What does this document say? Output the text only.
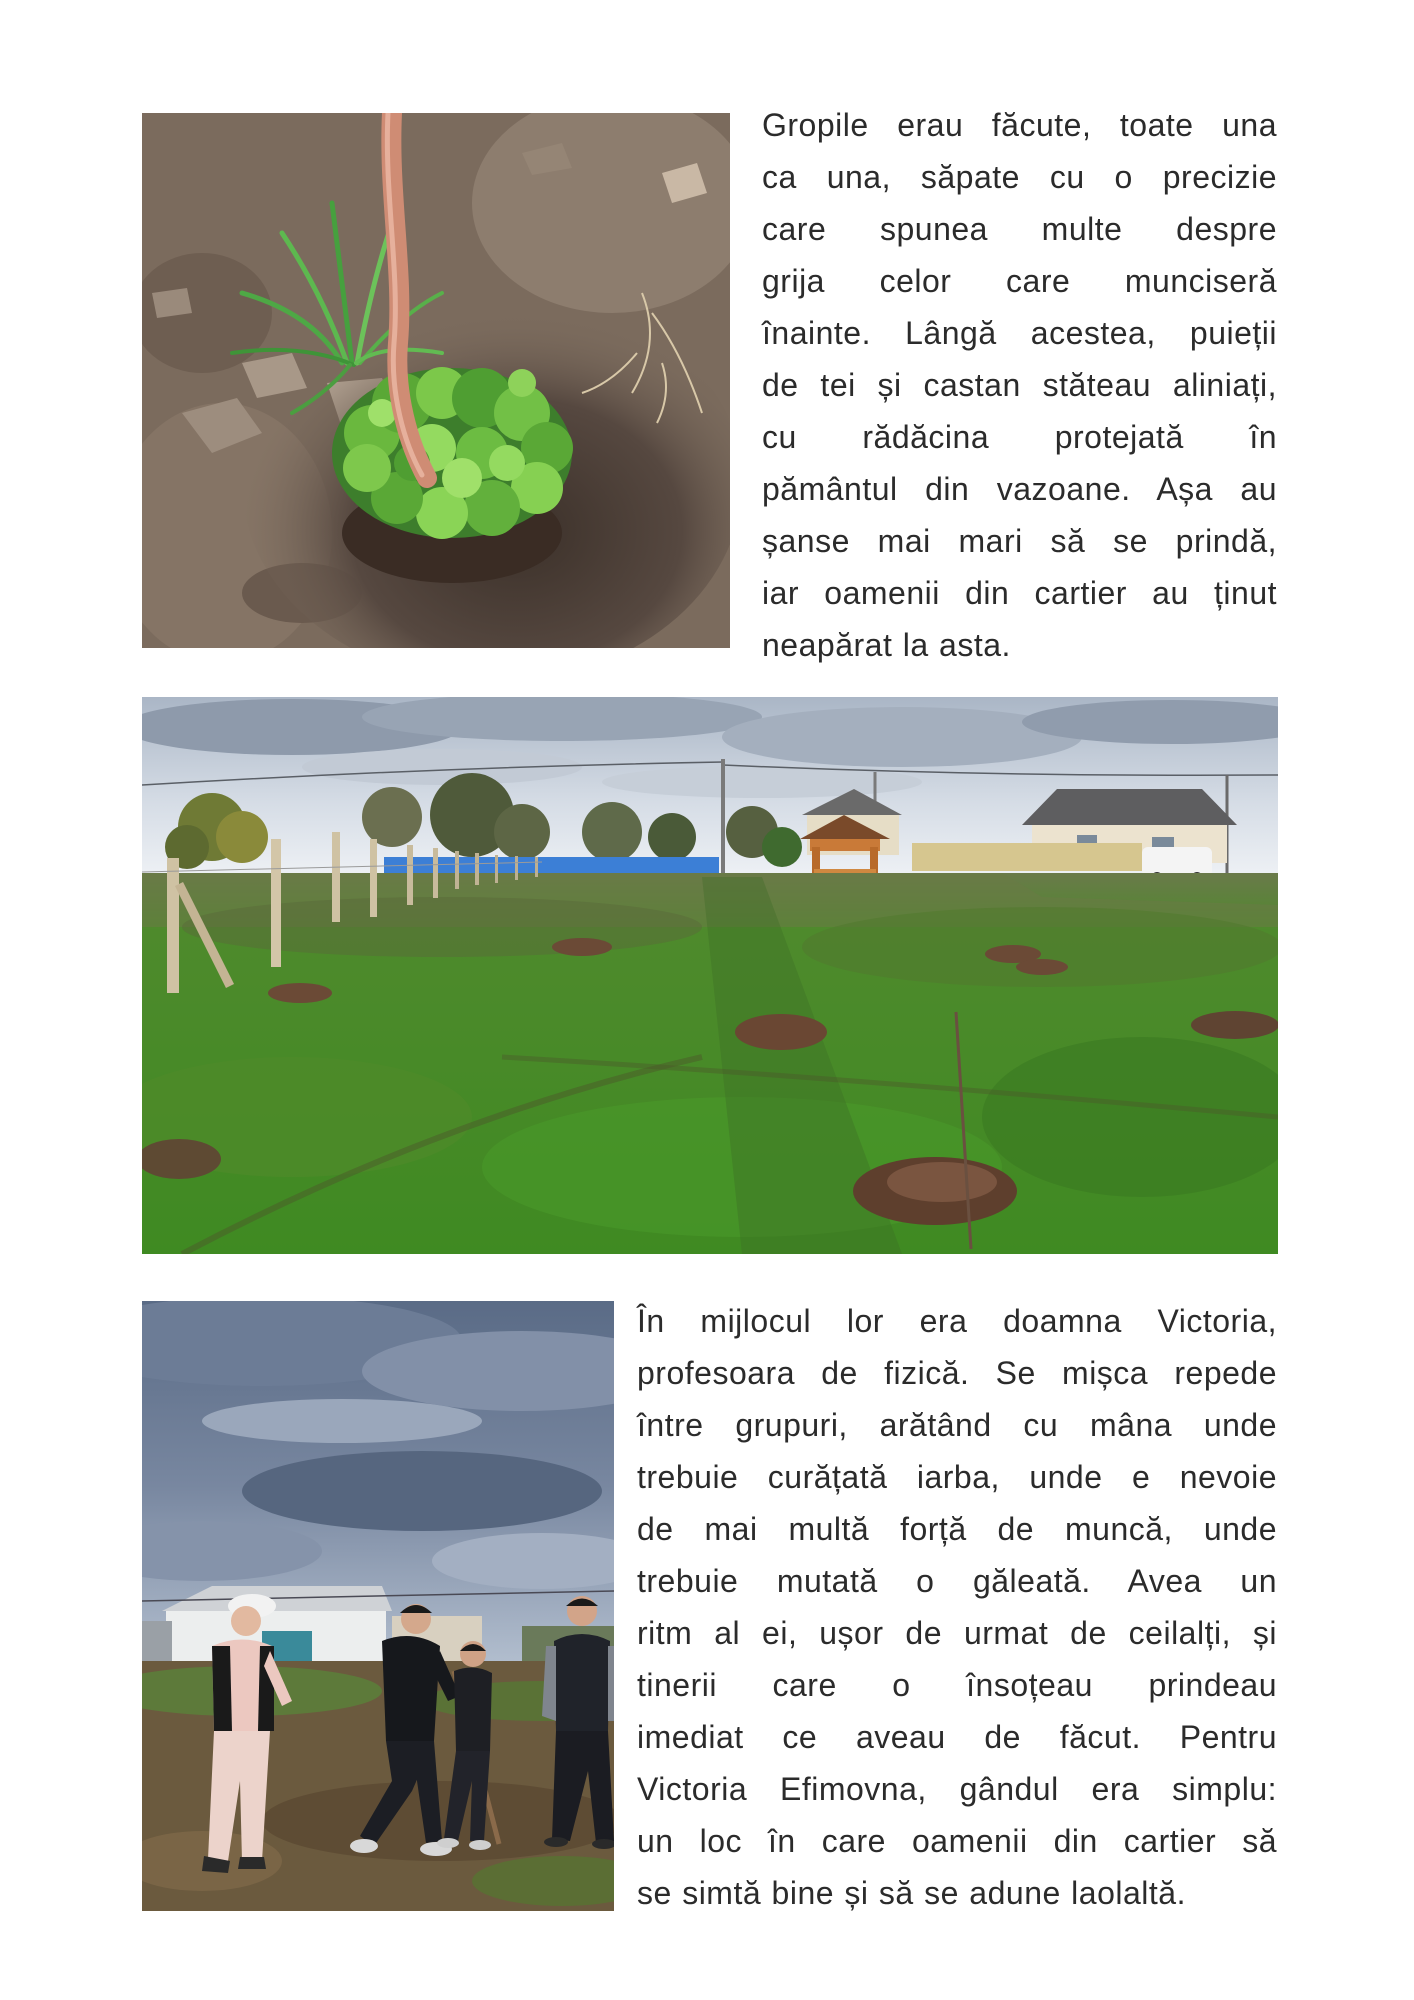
Gropile erau făcute, toate una
ca una, săpate cu o precizie
care spunea multe despre
grija celor care munciseră
înainte. Lângă acestea, puieții
de tei și castan stăteau aliniați,
cu rădăcina protejată în
pământul din vazoane. Așa au
șanse mai mari să se prindă,
iar oamenii din cartier au ținut
neapărat la asta.
În mijlocul lor era doamna Victoria,
profesoara de fizică. Se mișca repede
între grupuri, arătând cu mâna unde
trebuie curățată iarba, unde e nevoie
de mai multă forță de muncă, unde
trebuie mutată o găleată. Avea un
ritm al ei, ușor de urmat de ceilalți, și
tinerii care o însoțeau prindeau
imediat ce aveau de făcut. Pentru
Victoria Efimovna, gândul era simplu:
un loc în care oamenii din cartier să
se simtă bine și să se adune laolaltă.
